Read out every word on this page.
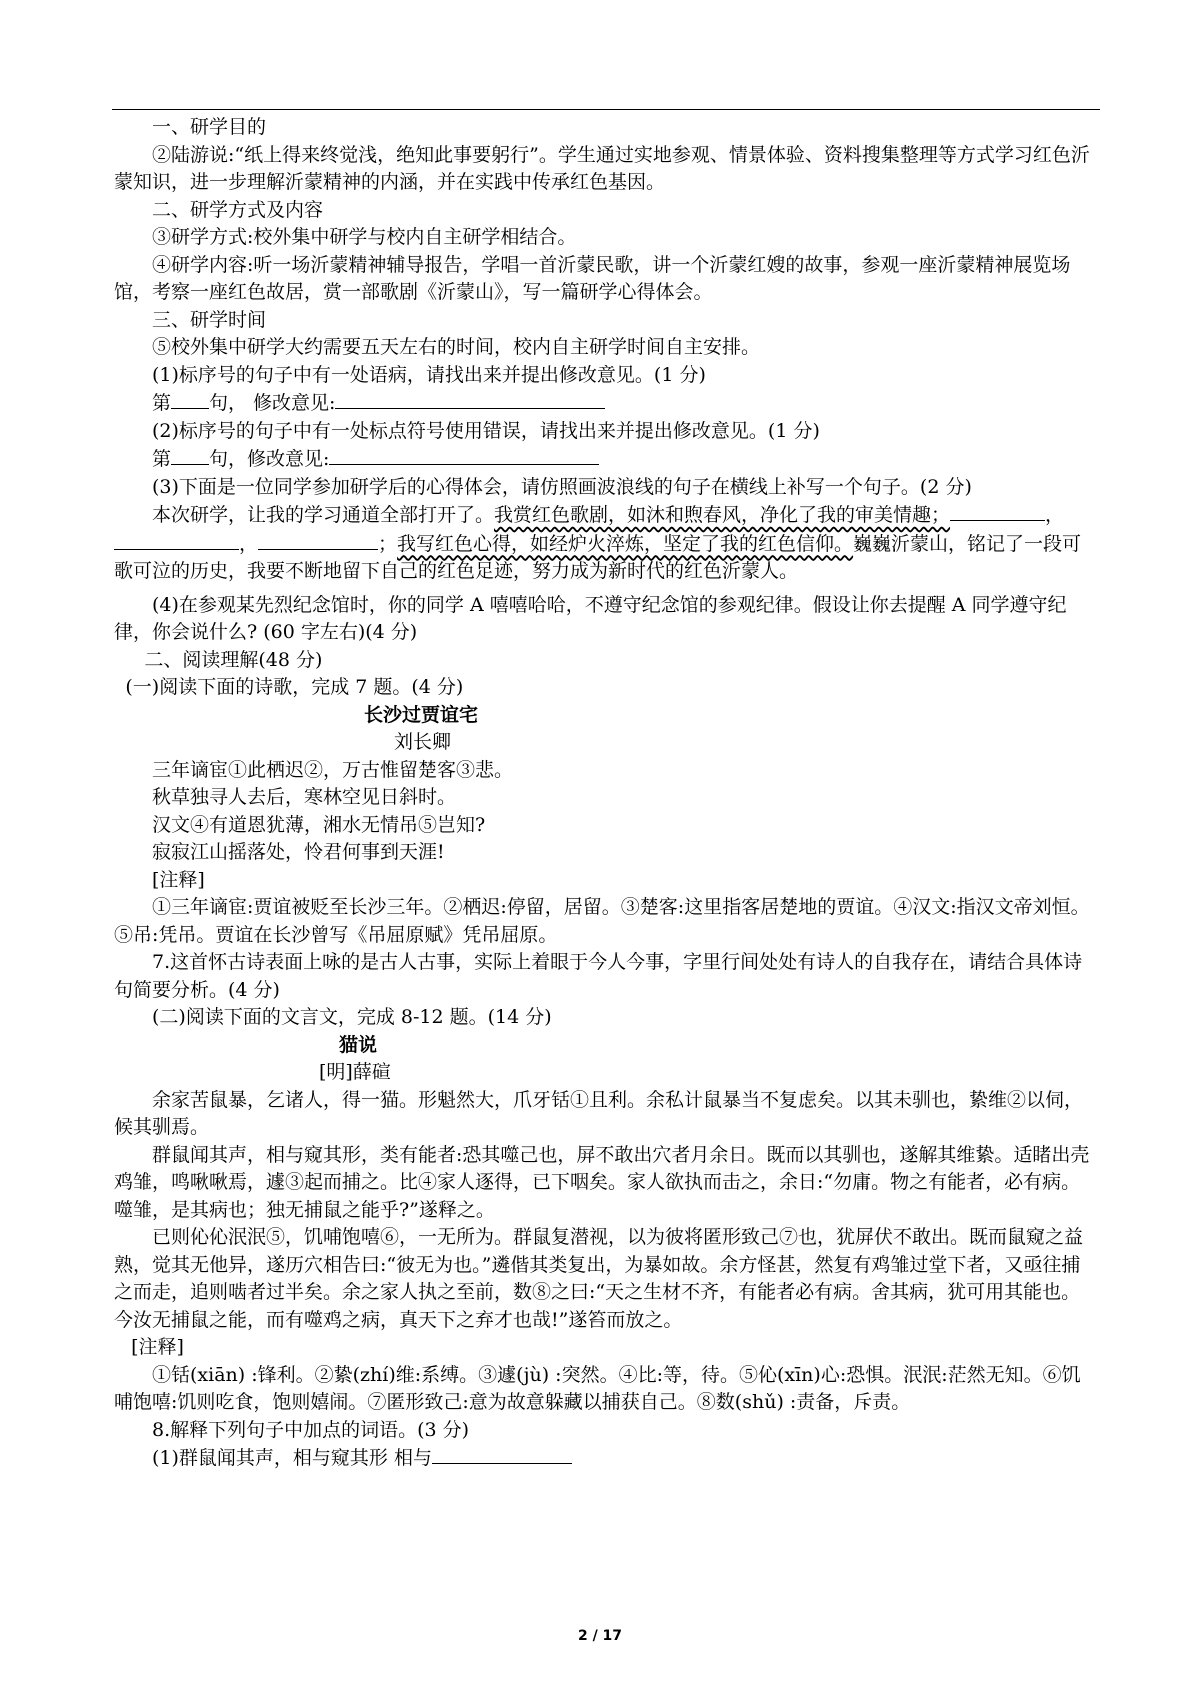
一、研学目的

②陆游说:“纸上得来终觉浅，绝知此事要躬行”。学生通过实地参观、情景体验、资料搜集整理等方式学习红色沂蒙知识，进一步理解沂蒙精神的内涵，并在实践中传承红色基因。

二、研学方式及内容

③研学方式:校外集中研学与校内自主研学相结合。

④研学内容:听一场沂蒙精神辅导报告，学唱一首沂蒙民歌，讲一个沂蒙红嫂的故事，参观一座沂蒙精神展览场馆，考察一座红色故居，赏一部歌剧《沂蒙山》，写一篇研学心得体会。

三、研学时间

⑤校外集中研学大约需要五天左右的时间，校内自主研学时间自主安排。

(1)标序号的句子中有一处语病，请找出来并提出修改意见。(1 分)

第 句， 修改意见:

(2)标序号的句子中有一处标点符号使用错误，请找出来并提出修改意见。(1 分)

第 句，修改意见:

(3)下面是一位同学参加研学后的心得体会，请仿照画波浪线的句子在横线上补写一个句子。(2 分)

本次研学，让我的学习通道全部打开了。我赏红色歌剧，如沐和煦春风，净化了我的审美情趣；	，，	；我写红色心得，如经炉火淬炼，坚定了我的红色信仰。巍巍沂蒙山，铭记了一段可歌可泣的历史，我要不断地留下自己的红色足迹，努力成为新时代的红色沂蒙人。

(4)在参观某先烈纪念馆时，你的同学 A 嘻嘻哈哈，不遵守纪念馆的参观纪律。假设让你去提醒 A 同学遵守纪律，你会说什么? (60 字左右)(4 分)

二、阅读理解(48 分)

(一)阅读下面的诗歌，完成 7 题。(4 分)

长沙过贾谊宅

刘长卿

三年谪宦①此栖迟②，万古惟留楚客③悲。

秋草独寻人去后，寒林空见日斜时。

汉文④有道恩犹薄，湘水无情吊⑤岂知?

寂寂江山摇落处，怜君何事到天涯!

[注释]

①三年谪宦:贾谊被贬至长沙三年。②栖迟:停留，居留。③楚客:这里指客居楚地的贾谊。④汉文:指汉文帝刘恒。⑤吊:凭吊。贾谊在长沙曾写《吊屈原赋》凭吊屈原。

7.这首怀古诗表面上咏的是古人古事，实际上着眼于今人今事，字里行间处处有诗人的自我存在，请结合具体诗句简要分析。(4 分)

(二)阅读下面的文言文，完成 8-12 题。(14 分)

猫说

[明]薛碹

余家苦鼠暴，乞诸人，得一猫。形魁然大，爪牙铦①且利。余私计鼠暴当不复虑矣。以其未驯也，絷维②以伺，候其驯焉。

群鼠闻其声，相与窥其形，类有能者:恐其噬己也，屏不敢出穴者月余日。既而以其驯也，遂解其维絷。适睹出壳鸡雏，鸣啾啾焉，遽③起而捕之。比④家人逐得，已下咽矣。家人欲执而击之，余日:“勿庸。物之有能者，必有病。噬雏，是其病也；独无捕鼠之能乎?”遂释之。

已则伈伈泯泯⑤，饥哺饱嘻⑥，一无所为。群鼠复潜视，以为彼将匿形致己⑦也，犹屏伏不敢出。既而鼠窥之益熟，觉其无他异，遂历穴相告曰:“彼无为也。”遴偕其类复出，为暴如故。余方怪甚，然复有鸡雏过堂下者，又亟往捕之而走，追则啮者过半矣。余之家人执之至前，数⑧之曰:“天之生材不齐，有能者必有病。舍其病，犹可用其能也。今汝无捕鼠之能，而有噬鸡之病，真天下之弃才也哉!”遂笞而放之。

[注释]

①铦(xiān) :锋利。②絷(zhí)维:系缚。③遽(jù) :突然。④比:等，待。⑤伈(xīn)心:恐惧。泯泯:茫然无知。⑥饥哺饱嘻:饥则吃食，饱则嬉闹。⑦匿形致己:意为故意躲藏以捕获自己。⑧数(shǔ) :责备，斥责。

8.解释下列句子中加点的词语。(3 分)

(1)群鼠闻其声，相与窥其形 相与

2 / 17
